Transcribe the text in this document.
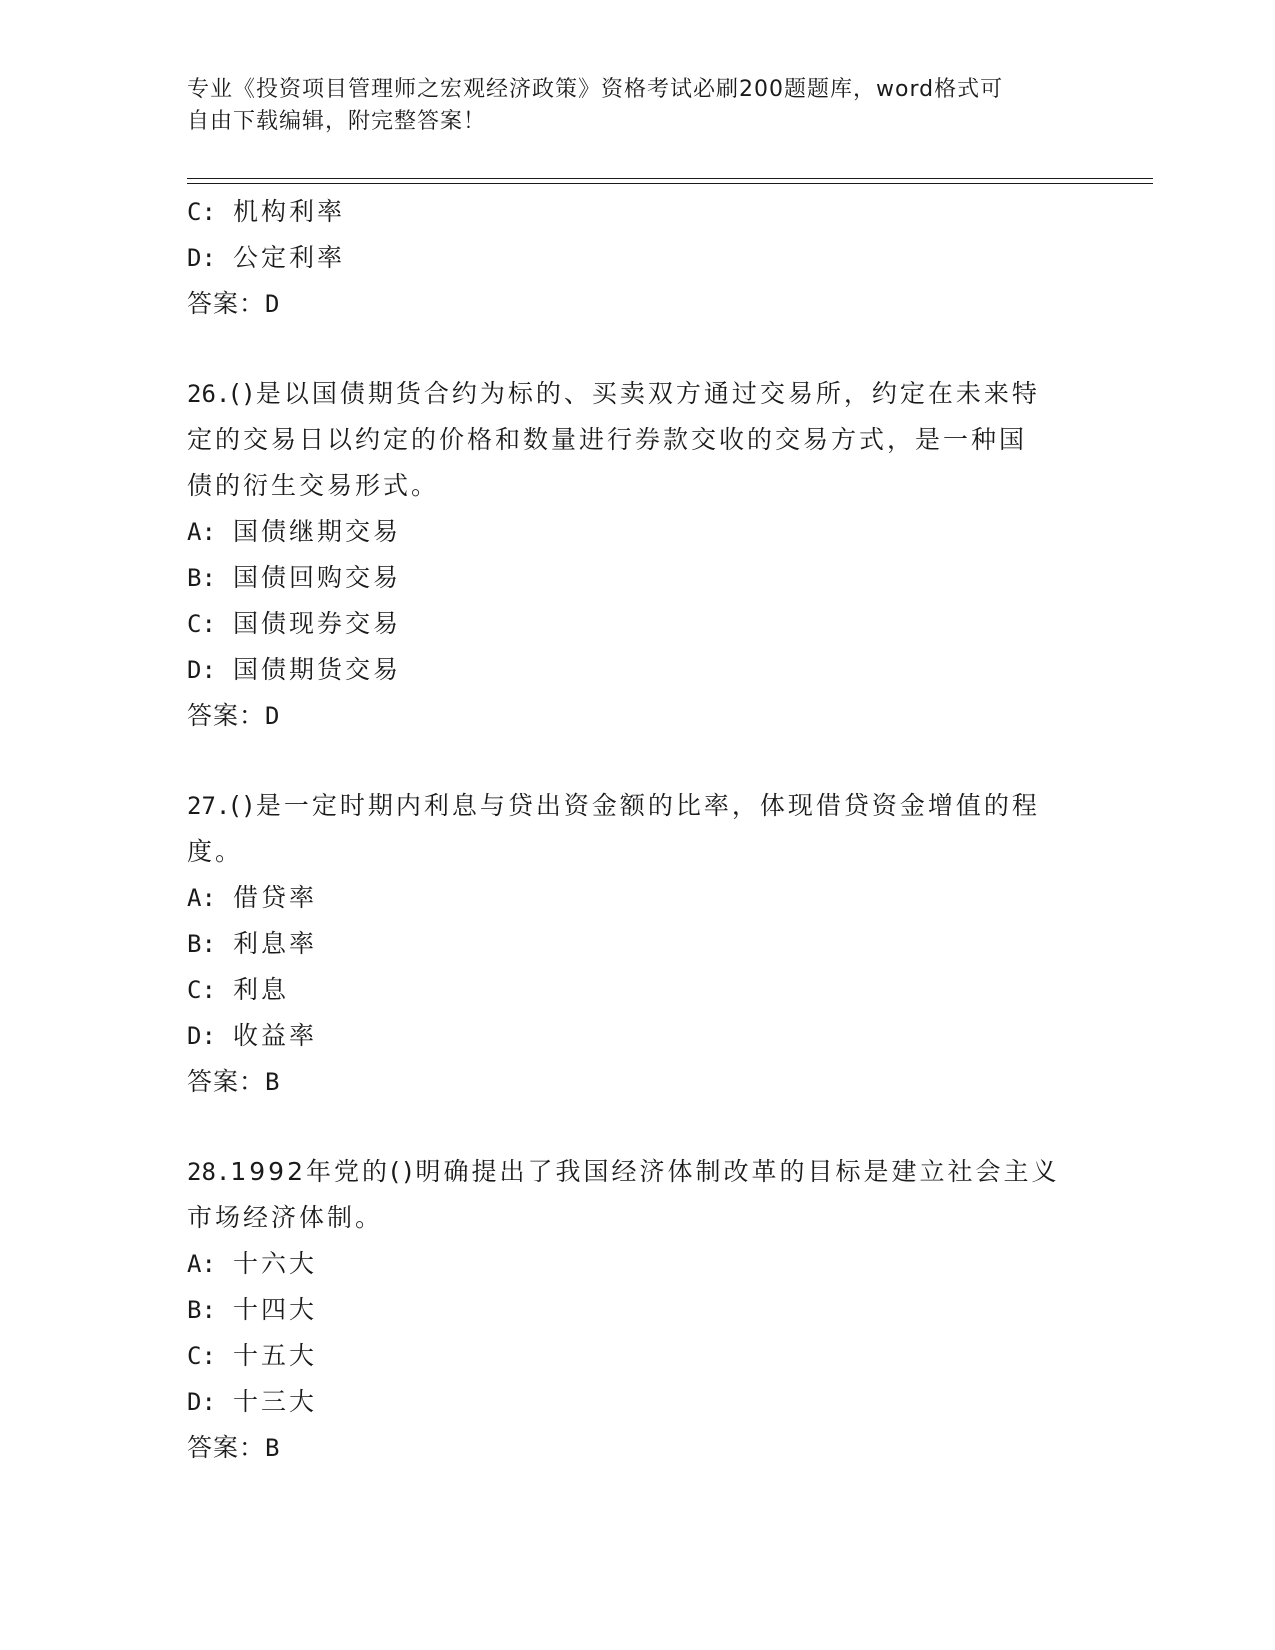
专业《投资项目管理师之宏观经济政策》资格考试必刷200题题库，word格式可
自由下载编辑，附完整答案！
C: 机构利率
D: 公定利率
答案：D
26.()是以国债期货合约为标的、买卖双方通过交易所，约定在未来特
定的交易日以约定的价格和数量进行券款交收的交易方式，是一种国
债的衍生交易形式。
A: 国债继期交易
B: 国债回购交易
C: 国债现券交易
D: 国债期货交易
答案：D
27.()是一定时期内利息与贷出资金额的比率，体现借贷资金增值的程
度。
A: 借贷率
B: 利息率
C: 利息
D: 收益率
答案：B
28.1992年党的()明确提出了我国经济体制改革的目标是建立社会主义
市场经济体制。
A: 十六大
B: 十四大
C: 十五大
D: 十三大
答案：B
